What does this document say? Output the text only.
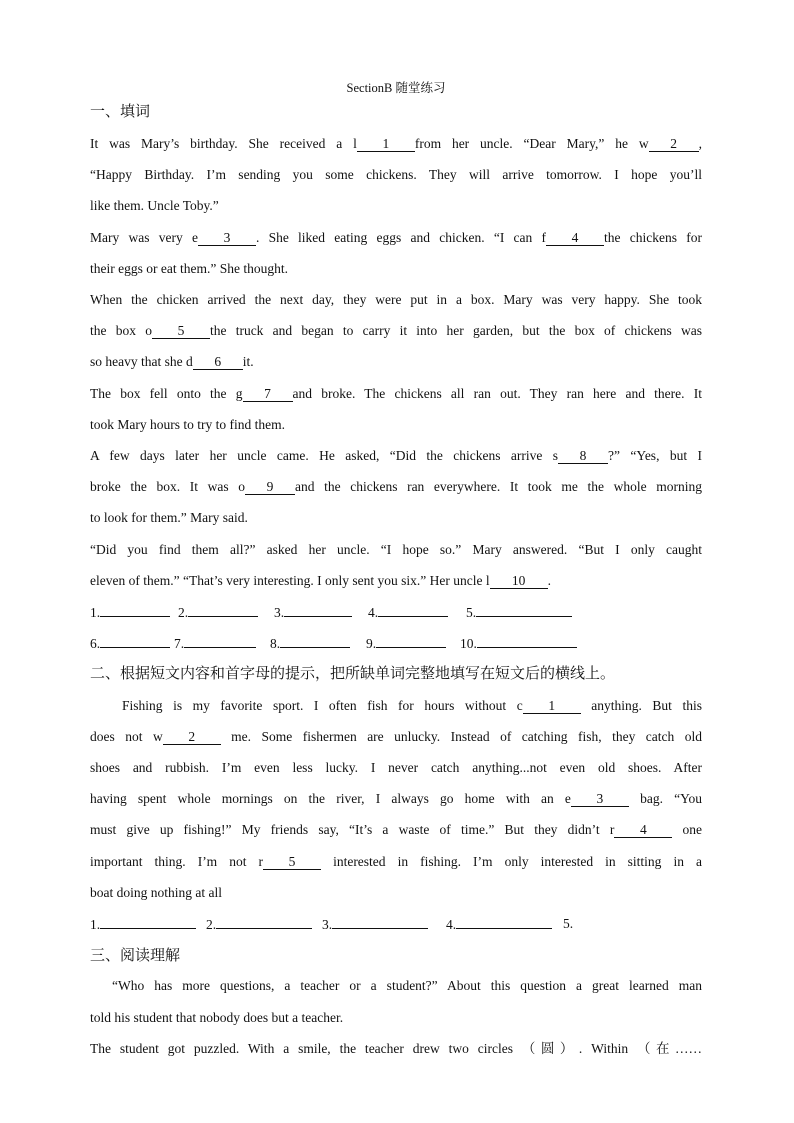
SectionB 随堂练习
一、填词
It was Mary’s birthday. She received a l 1 from her uncle. “Dear Mary,” he w 2 ,
“Happy Birthday. I’m sending you some chickens. They will arrive tomorrow. I hope you’ll
like them. Uncle Toby.”
Mary was very e 3 . She liked eating eggs and chicken. “I can f 4 the chickens for
their eggs or eat them.” She thought.
When the chicken arrived the next day, they were put in a box. Mary was very happy. She took
the box o 5 the truck and began to carry it into her garden, but the box of chickens was
so heavy that she d 6 it.
The box fell onto the g 7 and broke. The chickens all ran out. They ran here and there. It
took Mary hours to try to find them.
A few days later her uncle came. He asked, “Did the chickens arrive s 8 ?” “Yes, but I
broke the box. It was o 9 and the chickens ran everywhere. It took me the whole morning
to look for them.” Mary said.
“Did you find them all?” asked her uncle. “I hope so.” Mary answered. “But I only caught
eleven of them.” “That’s very interesting. I only sent you six.” Her uncle l 10 .
1.	2.	3.	4.	5.
6.	7.	8.	9.	10.
二、根据短文内容和首字母的提示，把所缺单词完整地填写在短文后的横线上。
Fishing is my favorite sport. I often fish for hours without c 1 anything. But this
does not w 2 me. Some fishermen are unlucky. Instead of catching fish, they catch old
shoes and rubbish. I’m even less lucky. I never catch anything...not even old shoes. After
having spent whole mornings on the river, I always go home with an e 3 bag. “You
must give up fishing!” My friends say, “It’s a waste of time.” But they didn’t r 4 one
important thing. I’m not r 5 interested in fishing. I’m only interested in sitting in a
boat doing nothing at all
1.	2.	3.	4.	5.
三、阅读理解
“Who has more questions, a teacher or a student?” About this question a great learned man
told his student that nobody does but a teacher.
The student got puzzled. With a smile, the teacher drew two circles （圆）. Within （在……
